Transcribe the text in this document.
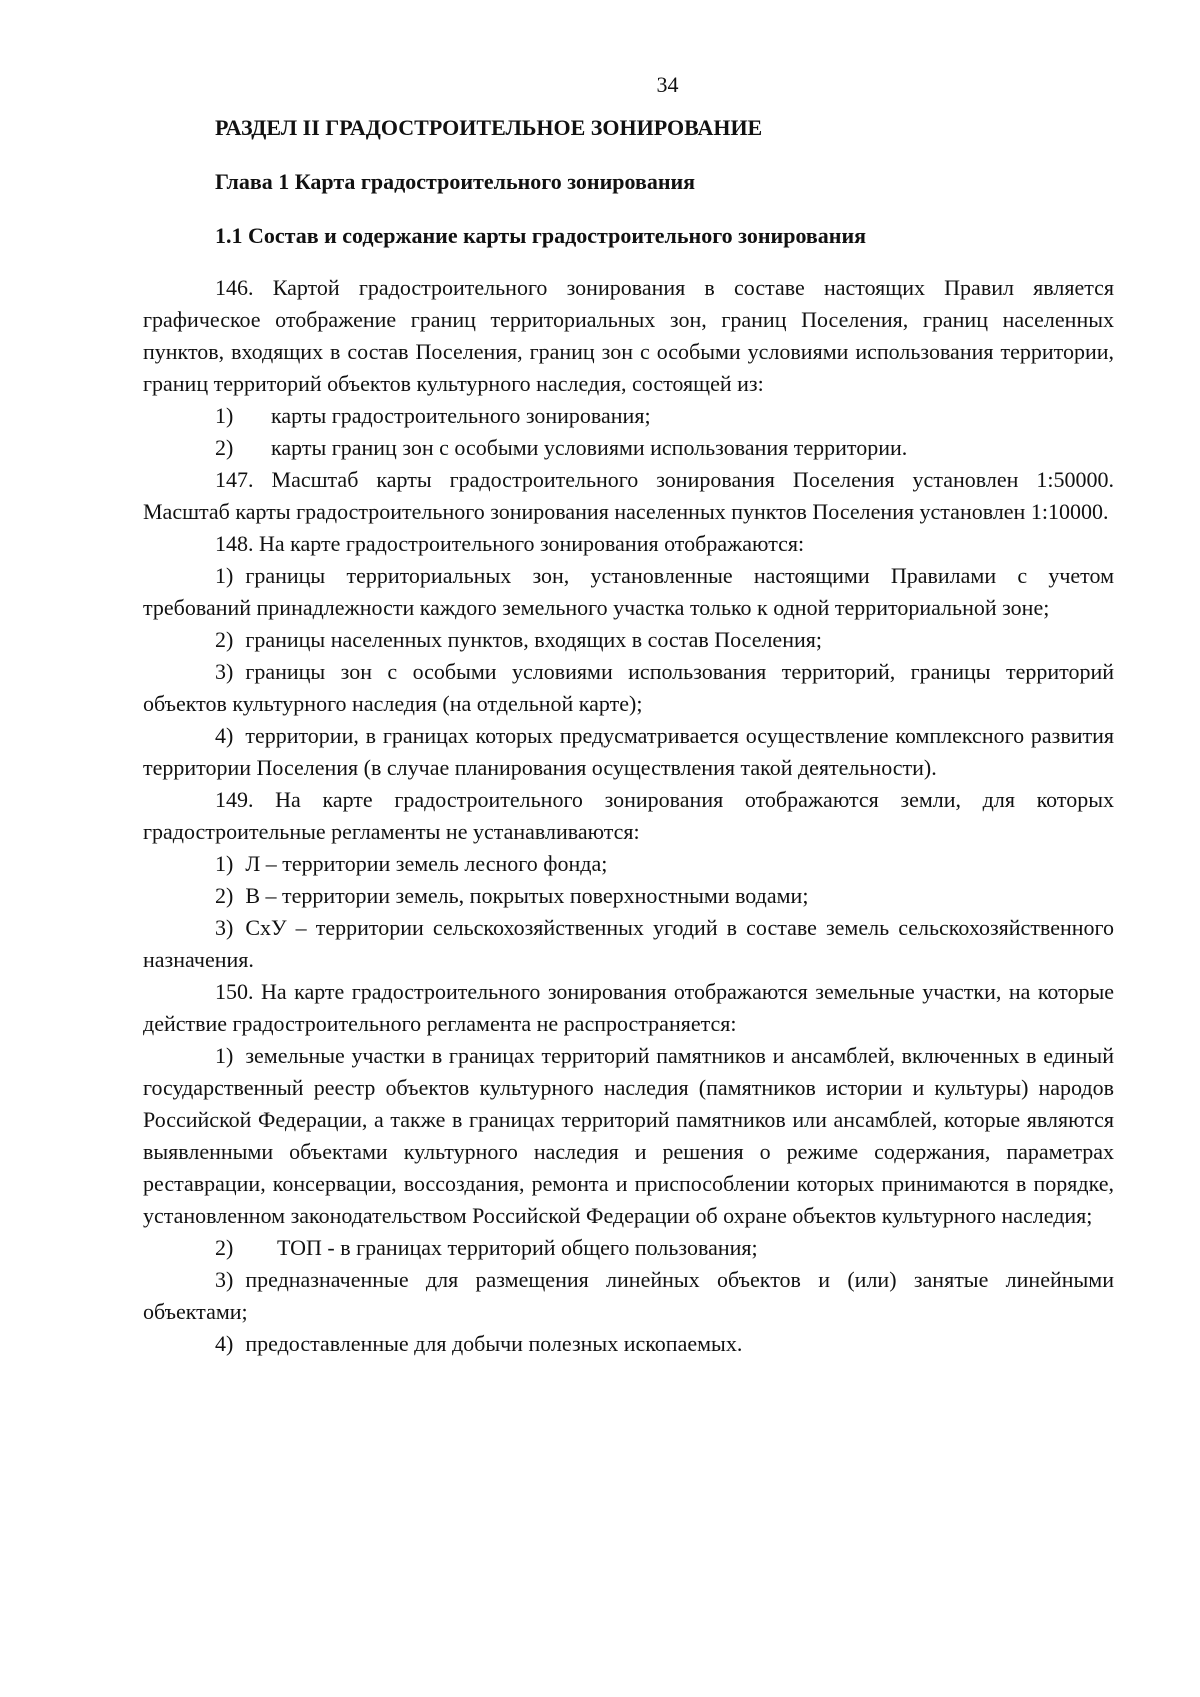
34
РАЗДЕЛ II ГРАДОСТРОИТЕЛЬНОЕ ЗОНИРОВАНИЕ
Глава 1 Карта градостроительного зонирования
1.1 Состав и содержание карты градостроительного зонирования

146. Картой градостроительного зонирования в составе настоящих Правил является графическое отображение границ территориальных зон, границ Поселения, границ населенных пунктов, входящих в состав Поселения, границ зон с особыми условиями использования территории, границ территорий объектов культурного наследия, состоящей из:

1) карты градостроительного зонирования;

2) карты границ зон с особыми условиями использования территории.

147. Масштаб карты градостроительного зонирования Поселения установлен 1:50000. Масштаб карты градостроительного зонирования населенных пунктов Поселения установлен 1:10000.

148. На карте градостроительного зонирования отображаются:

1) границы территориальных зон, установленные настоящими Правилами с учетом требований принадлежности каждого земельного участка только к одной территориальной зоне;

2) границы населенных пунктов, входящих в состав Поселения;

3) границы зон с особыми условиями использования территорий, границы территорий объектов культурного наследия (на отдельной карте);

4) территории, в границах которых предусматривается осуществление комплексного развития территории Поселения (в случае планирования осуществления такой деятельности).

149. На карте градостроительного зонирования отображаются земли, для которых градостроительные регламенты не устанавливаются:

1) Л – территории земель лесного фонда;

2) В – территории земель, покрытых поверхностными водами;

3) СхУ – территории сельскохозяйственных угодий в составе земель сельскохозяйственного назначения.

150. На карте градостроительного зонирования отображаются земельные участки, на которые действие градостроительного регламента не распространяется:

1) земельные участки в границах территорий памятников и ансамблей, включенных в единый государственный реестр объектов культурного наследия (памятников истории и культуры) народов Российской Федерации, а также в границах территорий памятников или ансамблей, которые являются выявленными объектами культурного наследия и решения о режиме содержания, параметрах реставрации, консервации, воссоздания, ремонта и приспособлении которых принимаются в порядке, установленном законодательством Российской Федерации об охране объектов культурного наследия;

2) ТОП - в границах территорий общего пользования;

3) предназначенные для размещения линейных объектов и (или) занятые линейными объектами;

4) предоставленные для добычи полезных ископаемых.
